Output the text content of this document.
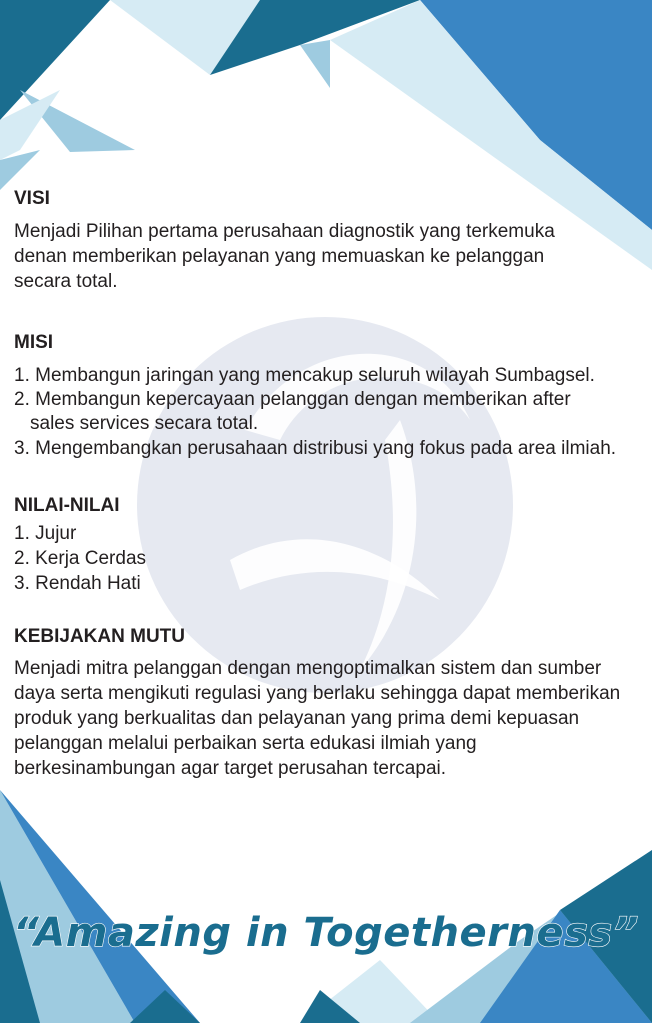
VISI

Menjadi Pilihan pertama perusahaan diagnostik yang terkemuka

denan memberikan pelayanan yang memuaskan ke pelanggan

secara total.

MISI

1. Membangun jaringan yang mencakup seluruh wilayah Sumbagsel.

2. Membangun kepercayaan pelanggan dengan memberikan after

sales services secara total.

3. Mengembangkan perusahaan distribusi yang fokus pada area ilmiah.

NILAI-NILAI

1. Jujur

2. Kerja Cerdas

3. Rendah Hati

KEBIJAKAN MUTU

Menjadi mitra pelanggan dengan mengoptimalkan sistem dan sumber

daya serta mengikuti regulasi yang berlaku sehingga dapat memberikan

produk yang berkualitas dan pelayanan yang prima demi kepuasan

pelanggan melalui perbaikan serta edukasi ilmiah yang

berkesinambungan agar target perusahan tercapai.

“Amazing in Togetherness”
